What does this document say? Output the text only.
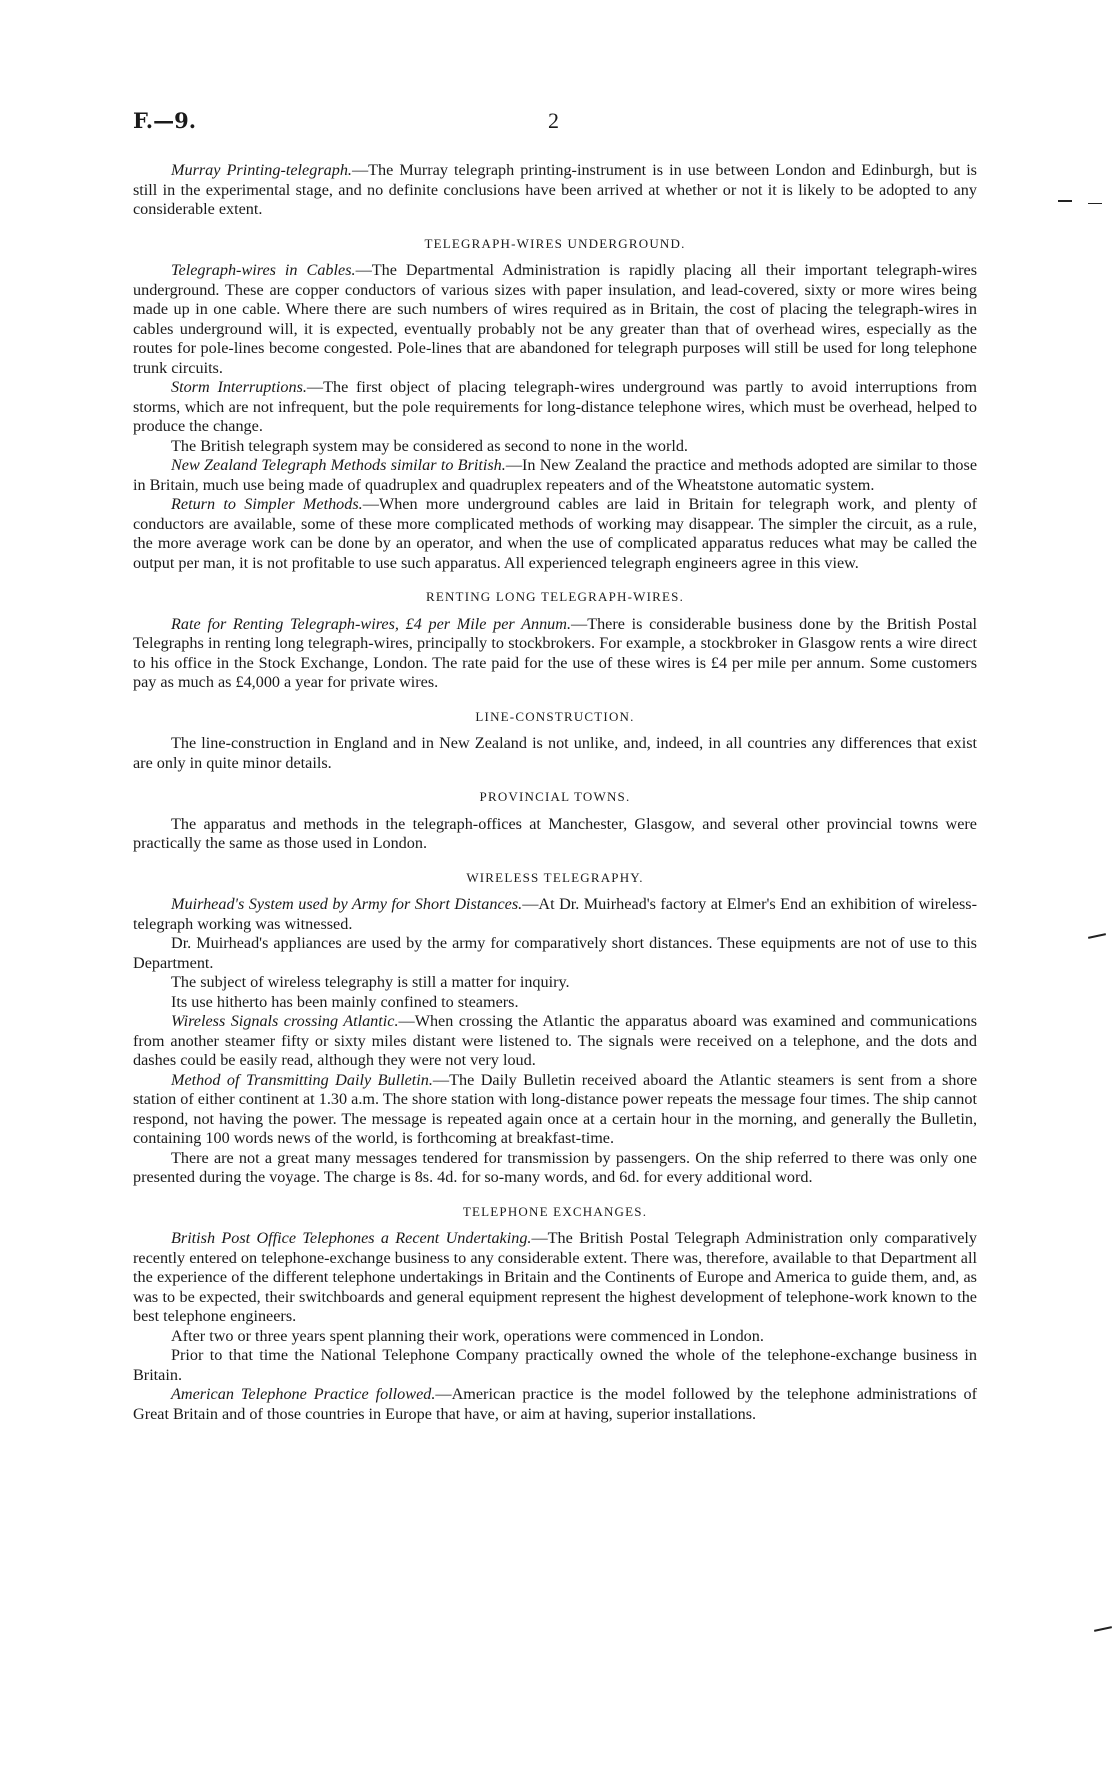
F.—9.	2

Murray Printing-telegraph.—The Murray telegraph printing-instrument is in use between London and Edinburgh, but is still in the experimental stage, and no definite conclusions have been arrived at whether or not it is likely to be adopted to any considerable extent.

TELEGRAPH-WIRES UNDERGROUND.

Telegraph-wires in Cables.—The Departmental Administration is rapidly placing all their important telegraph-wires underground. These are copper conductors of various sizes with paper insulation, and lead-covered, sixty or more wires being made up in one cable. Where there are such numbers of wires required as in Britain, the cost of placing the telegraph-wires in cables underground will, it is expected, eventually probably not be any greater than that of overhead wires, especially as the routes for pole-lines become congested. Pole-lines that are abandoned for telegraph purposes will still be used for long telephone trunk circuits.

Storm Interruptions.—The first object of placing telegraph-wires underground was partly to avoid interruptions from storms, which are not infrequent, but the pole requirements for long-distance telephone wires, which must be overhead, helped to produce the change.

The British telegraph system may be considered as second to none in the world.

New Zealand Telegraph Methods similar to British.—In New Zealand the practice and methods adopted are similar to those in Britain, much use being made of quadruplex and quadruplex repeaters and of the Wheatstone automatic system.

Return to Simpler Methods.—When more underground cables are laid in Britain for telegraph work, and plenty of conductors are available, some of these more complicated methods of working may disappear. The simpler the circuit, as a rule, the more average work can be done by an operator, and when the use of complicated apparatus reduces what may be called the output per man, it is not profitable to use such apparatus. All experienced telegraph engineers agree in this view.

RENTING LONG TELEGRAPH-WIRES.

Rate for Renting Telegraph-wires, £4 per Mile per Annum.—There is considerable business done by the British Postal Telegraphs in renting long telegraph-wires, principally to stockbrokers. For example, a stockbroker in Glasgow rents a wire direct to his office in the Stock Exchange, London. The rate paid for the use of these wires is £4 per mile per annum. Some customers pay as much as £4,000 a year for private wires.

LINE-CONSTRUCTION.

The line-construction in England and in New Zealand is not unlike, and, indeed, in all countries any differences that exist are only in quite minor details.

PROVINCIAL TOWNS.

The apparatus and methods in the telegraph-offices at Manchester, Glasgow, and several other provincial towns were practically the same as those used in London.

WIRELESS TELEGRAPHY.

Muirhead's System used by Army for Short Distances.—At Dr. Muirhead's factory at Elmer's End an exhibition of wireless-telegraph working was witnessed.

Dr. Muirhead's appliances are used by the army for comparatively short distances. These equipments are not of use to this Department.

The subject of wireless telegraphy is still a matter for inquiry.

Its use hitherto has been mainly confined to steamers.

Wireless Signals crossing Atlantic.—When crossing the Atlantic the apparatus aboard was examined and communications from another steamer fifty or sixty miles distant were listened to. The signals were received on a telephone, and the dots and dashes could be easily read, although they were not very loud.

Method of Transmitting Daily Bulletin.—The Daily Bulletin received aboard the Atlantic steamers is sent from a shore station of either continent at 1.30 a.m. The shore station with long-distance power repeats the message four times. The ship cannot respond, not having the power. The message is repeated again once at a certain hour in the morning, and generally the Bulletin, containing 100 words news of the world, is forthcoming at breakfast-time.

There are not a great many messages tendered for transmission by passengers. On the ship referred to there was only one presented during the voyage. The charge is 8s. 4d. for so-many words, and 6d. for every additional word.

TELEPHONE EXCHANGES.

British Post Office Telephones a Recent Undertaking.—The British Postal Telegraph Administration only comparatively recently entered on telephone-exchange business to any considerable extent. There was, therefore, available to that Department all the experience of the different telephone undertakings in Britain and the Continents of Europe and America to guide them, and, as was to be expected, their switchboards and general equipment represent the highest development of telephone-work known to the best telephone engineers.

After two or three years spent planning their work, operations were commenced in London.

Prior to that time the National Telephone Company practically owned the whole of the telephone-exchange business in Britain.

American Telephone Practice followed.—American practice is the model followed by the telephone administrations of Great Britain and of those countries in Europe that have, or aim at having, superior installations.
